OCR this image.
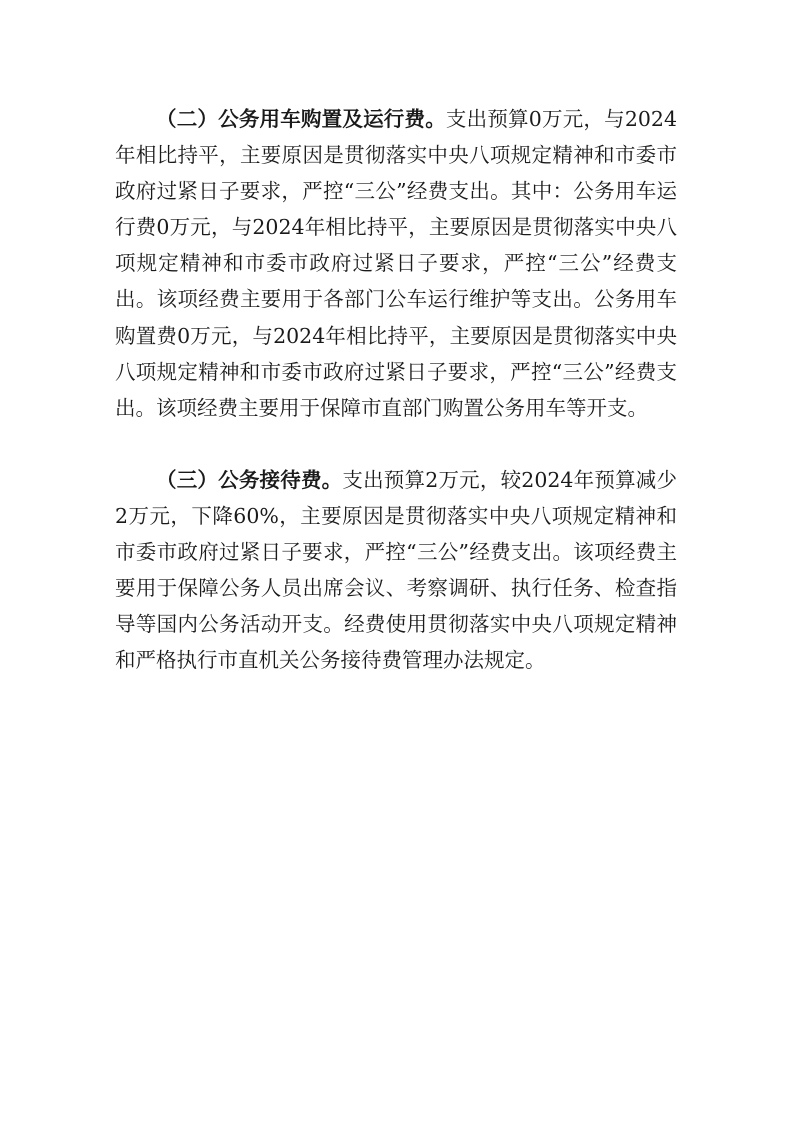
（二）公务用车购置及运行费。支出预算0万元，与2024年相比持平，主要原因是贯彻落实中央八项规定精神和市委市政府过紧日子要求，严控“三公”经费支出。其中：公务用车运行费0万元，与2024年相比持平，主要原因是贯彻落实中央八项规定精神和市委市政府过紧日子要求，严控“三公”经费支出。该项经费主要用于各部门公车运行维护等支出。公务用车购置费0万元，与2024年相比持平，主要原因是贯彻落实中央八项规定精神和市委市政府过紧日子要求，严控“三公”经费支出。该项经费主要用于保障市直部门购置公务用车等开支。

（三）公务接待费。支出预算2万元，较2024年预算减少2万元，下降60%，主要原因是贯彻落实中央八项规定精神和市委市政府过紧日子要求，严控“三公”经费支出。该项经费主要用于保障公务人员出席会议、考察调研、执行任务、检查指导等国内公务活动开支。经费使用贯彻落实中央八项规定精神和严格执行市直机关公务接待费管理办法规定。
